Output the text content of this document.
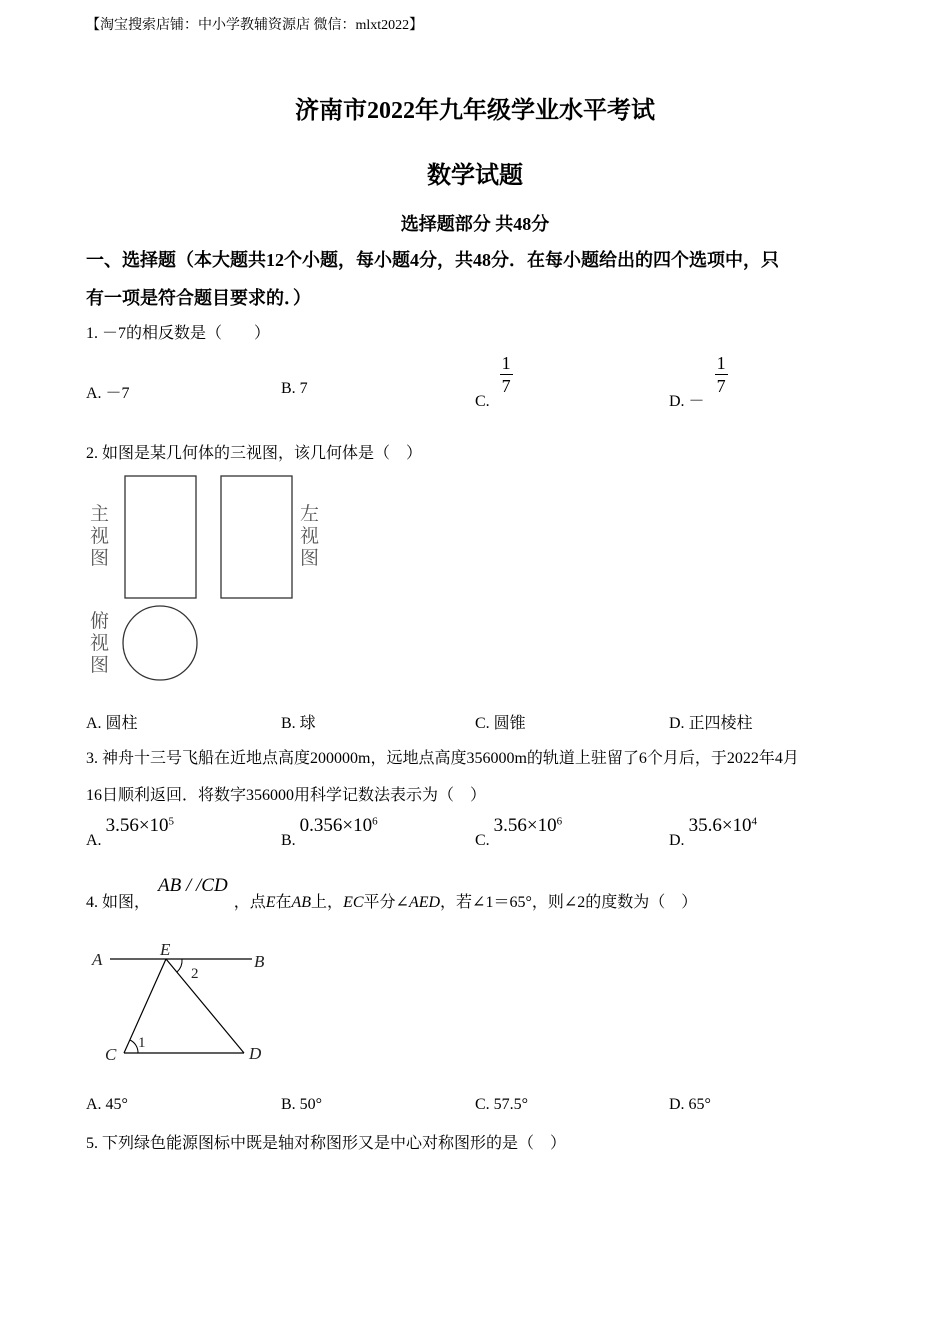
【淘宝搜索店铺：中小学教辅资源店 微信：mlxt2022】
济南市2022年九年级学业水平考试
数学试题
选择题部分 共48分
一、选择题（本大题共12个小题，每小题4分，共48分．在每小题给出的四个选项中，只
有一项是符合题目要求的．）
1. －7的相反数是（　　）
A. －7	B. 7
C.
$\frac{1}{7}$
D. －
$\frac{1}{7}$
2. 如图是某几何体的三视图，该几何体是（　）
主
视
图
左
视
图
俯
视
图
A. 圆柱	B. 球	C. 圆锥	D. 正四棱柱
3. 神舟十三号飞船在近地点高度200000m，远地点高度356000m的轨道上驻留了6个月后，于2022年4月
16日顺利返回．将数字356000用科学记数法表示为（　）
$A.3.56\times 10^5$
$B.0.356\times 10^6$
$C.3.56\times 10^6$
$D.35.6\times 10^4$
4. 如图，AB / /CD，点E在AB上，EC平分∠AED，若∠1＝65°，则∠2的度数为（　）
A
E
B
C	D
1
2
A. 45°	B. 50°	C. 57.5°	D. 65°
5. 下列绿色能源图标中既是轴对称图形又是中心对称图形的是（　）
